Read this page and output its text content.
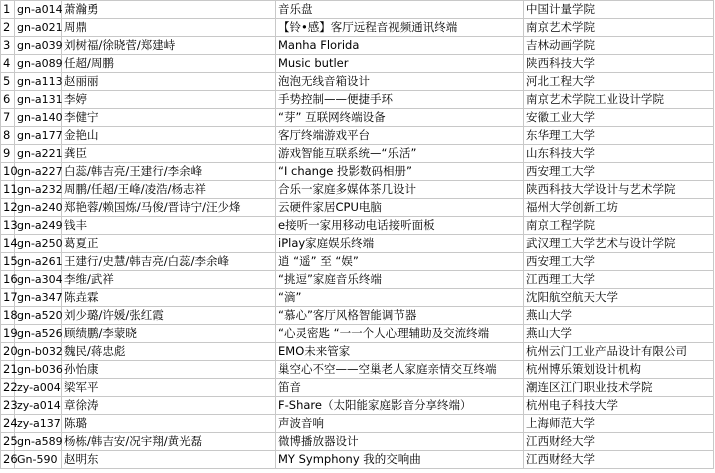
1	gn-a014	萧瀚勇	音乐盘	中国计量学院
2	gn-a021	周鼎	【铃•感】客厅远程音视频通讯终端	南京艺术学院
3	gn-a039	刘树福/徐晓菅/郑建峙	Manha Florida	吉林动画学院
4	gn-a089	任超/周鹏	Music butler	陕西科技大学
5	gn-a113	赵丽丽	泡泡无线音箱设计	河北工程大学
6	gn-a131	李婷	手势控制——便捷手环	南京艺术学院工业设计学院
7	gn-a140	李健宁	“芽” 互联网终端设备	安徽工业大学
8	gn-a177	金艳山	客厅终端游戏平台	东华理工大学
9	gn-a221	龚臣	游戏智能互联系统—“乐活”	山东科技大学
10	gn-a227	白蕊/韩吉亮/王建行/李余峰	“I change 投影数码相册”	西安理工大学
11	gn-a232	周鹏/任超/王峰/凌浩/杨志祥	合乐一家庭多媒体茶几设计	陕西科技大学设计与艺术学院
12	gn-a240	郑艳蓉/赖国炼/马俊/晋诗宁/汪少烽	云硬件家居CPU电脑	福州大学创新工坊
13	gn-a249	钱丰	e接听一家用移动电话接听面板	南京工程学院
14	gn-a250	葛夏正	iPlay家庭娱乐终端	武汉理工大学艺术与设计学院
15	gn-a261	王建行/史慧/韩吉亮/白蕊/李余峰	逍 “遥” 至 “娱”	西安理工大学
16	gn-a304	李维/武祥	“挑逗”家庭音乐终端	江西理工大学
17	gn-a347	陈垚霖	“滴”	沈阳航空航天大学
18	gn-a520	刘少璐/许媛/张红霞	“慕心”客厅风格智能调节器	燕山大学
19	gn-a526	顾绩鹏/李蒙晓	“心灵密匙 “一一个人心理辅助及交流终端	燕山大学
20	gn-b032	魏民/蒋忠彪	EMO未来管家	杭州云门工业产品设计有限公司
21	gn-b036	孙怡康	巢空心不空——空巢老人家庭亲情交互终端	杭州博乐策划设计机构
22	zy-a004	梁军平	笛音	潮连区江门职业技术学院
23	zy-a014	章徐涛	F-Share（太阳能家庭影音分享终端）	杭州电子科技大学
24	zy-a137	陈璐	声波音响	上海师范大学
25	gn-a589	杨栋/韩吉安/况宇翔/黄光磊	微博播放器设计	江西财经大学
26	Gn-590	赵明东	MY Symphony 我的交响曲	江西财经大学
